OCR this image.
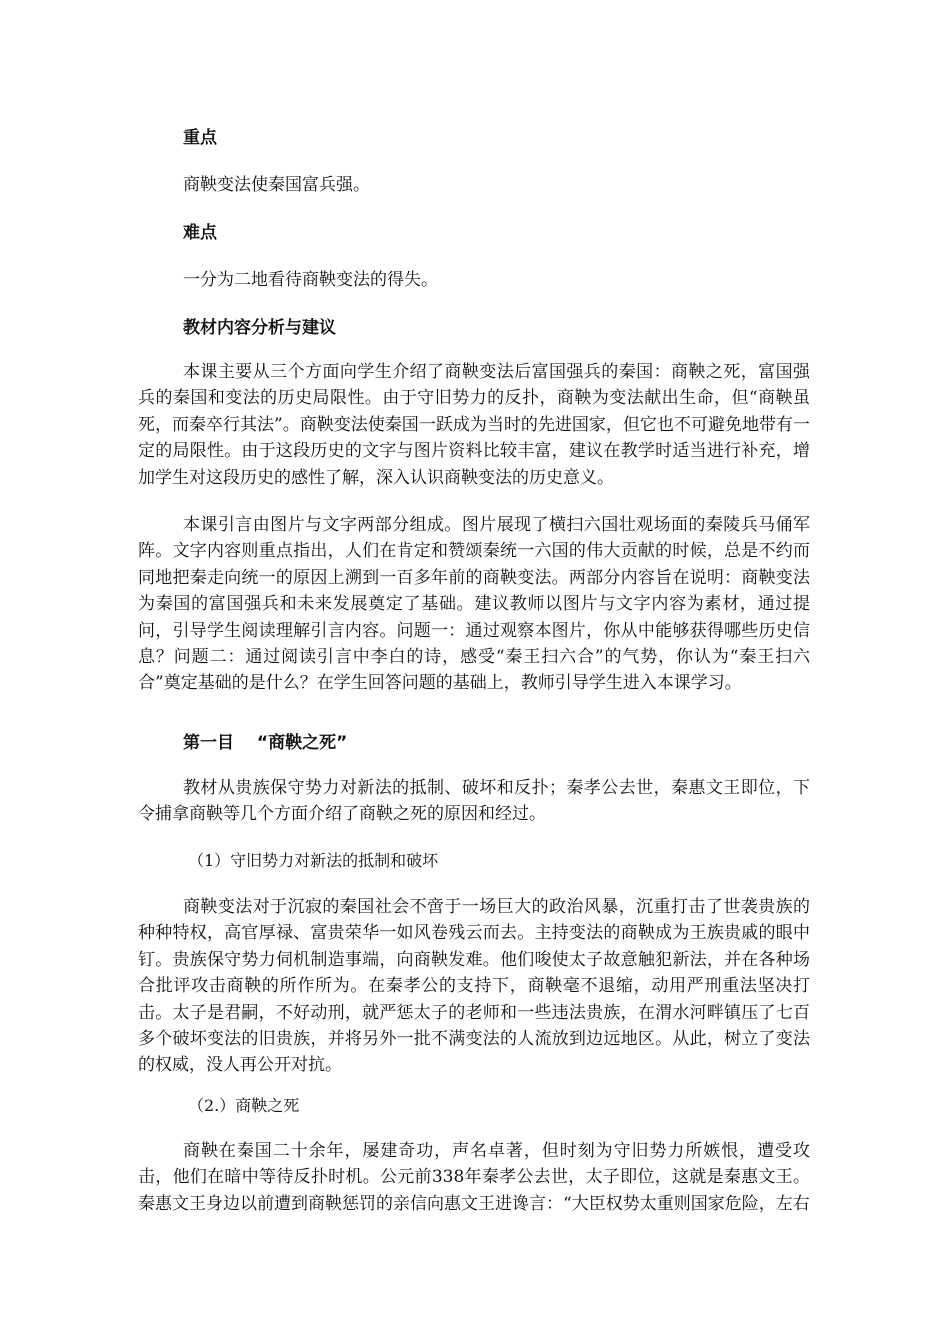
重点
商鞅变法使秦国富兵强。
难点
一分为二地看待商鞅变法的得失。
教材内容分析与建议
本课主要从三个方面向学生介绍了商鞅变法后富国强兵的秦国：商鞅之死，富国强兵的秦国和变法的历史局限性。由于守旧势力的反扑，商鞅为变法献出生命，但“商鞅虽死，而秦卒行其法”。商鞅变法使秦国一跃成为当时的先进国家，但它也不可避免地带有一定的局限性。由于这段历史的文字与图片资料比较丰富，建议在教学时适当进行补充，增加学生对这段历史的感性了解，深入认识商鞅变法的历史意义。
本课引言由图片与文字两部分组成。图片展现了横扫六国壮观场面的秦陵兵马俑军阵。文字内容则重点指出，人们在肯定和赞颂秦统一六国的伟大贡献的时候，总是不约而同地把秦走向统一的原因上溯到一百多年前的商鞅变法。两部分内容旨在说明：商鞅变法为秦国的富国强兵和未来发展奠定了基础。建议教师以图片与文字内容为素材，通过提问，引导学生阅读理解引言内容。问题一：通过观察本图片，你从中能够获得哪些历史信息？问题二：通过阅读引言中李白的诗，感受“秦王扫六合”的气势，你认为“秦王扫六合”奠定基础的是什么？在学生回答问题的基础上，教师引导学生进入本课学习。
第一目　 “商鞅之死”
教材从贵族保守势力对新法的抵制、破坏和反扑；秦孝公去世，秦惠文王即位，下令捕拿商鞅等几个方面介绍了商鞅之死的原因和经过。
（1）守旧势力对新法的抵制和破坏
商鞅变法对于沉寂的秦国社会不啻于一场巨大的政治风暴，沉重打击了世袭贵族的种种特权，高官厚禄、富贵荣华一如风卷残云而去。主持变法的商鞅成为王族贵戚的眼中钉。贵族保守势力伺机制造事端，向商鞅发难。他们唆使太子故意触犯新法，并在各种场合批评攻击商鞅的所作所为。在秦孝公的支持下，商鞅毫不退缩，动用严刑重法坚决打击。太子是君嗣，不好动刑，就严惩太子的老师和一些违法贵族，在渭水河畔镇压了七百多个破坏变法的旧贵族，并将另外一批不满变法的人流放到边远地区。从此，树立了变法的权威，没人再公开对抗。
（2.）商鞅之死
商鞅在秦国二十余年，屡建奇功，声名卓著，但时刻为守旧势力所嫉恨，遭受攻击，他们在暗中等待反扑时机。公元前338年秦孝公去世，太子即位，这就是秦惠文王。秦惠文王身边以前遭到商鞅惩罚的亲信向惠文王进谗言：“大臣权势太重则国家危险，左右
